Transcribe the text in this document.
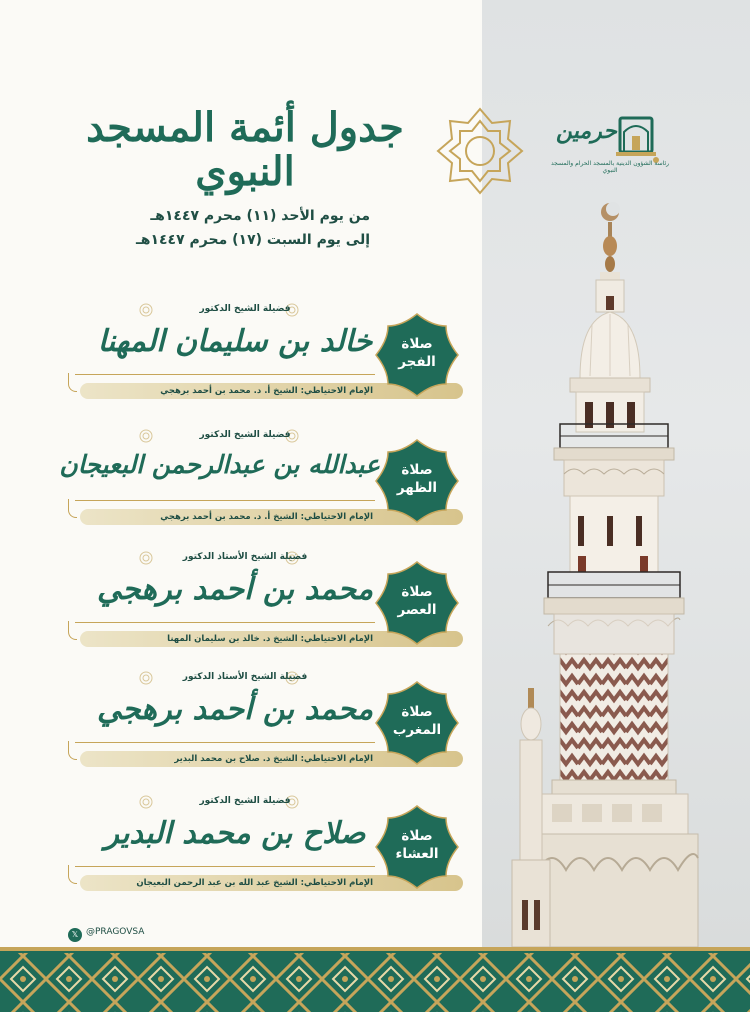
حرمين
رئاسة الشؤون الدينية بالمسجد الحرام والمسجد النبوي
جدول أئمة المسجد النبوي
من يوم الأحد (١١) محرم ١٤٤٧هـ
إلى يوم السبت (١٧) محرم ١٤٤٧هـ
فضيلة الشيخ الدكتور
خالد بن سليمان المهنا
الإمام الاحتياطي: الشيخ أ. د. محمد بن أحمد برهجي
صلاة
الفجر
فضيلة الشيخ الدكتور
عبدالله بن عبدالرحمن البعيجان
الإمام الاحتياطي: الشيخ أ. د. محمد بن أحمد برهجي
صلاة
الظهر
فضيلة الشيخ الأستاذ الدكتور
محمد بن أحمد برهجي
الإمام الاحتياطي: الشيخ د. خالد بن سليمان المهنا
صلاة
العصر
فضيلة الشيخ الأستاذ الدكتور
محمد بن أحمد برهجي
الإمام الاحتياطي: الشيخ د. صلاح بن محمد البدير
صلاة
المغرب
فضيلة الشيخ الدكتور
صلاح بن محمد البدير
الإمام الاحتياطي: الشيخ عبد الله بن عبد الرحمن البعيجان
صلاة
العشاء
𝕏 @PRAGOVSA
